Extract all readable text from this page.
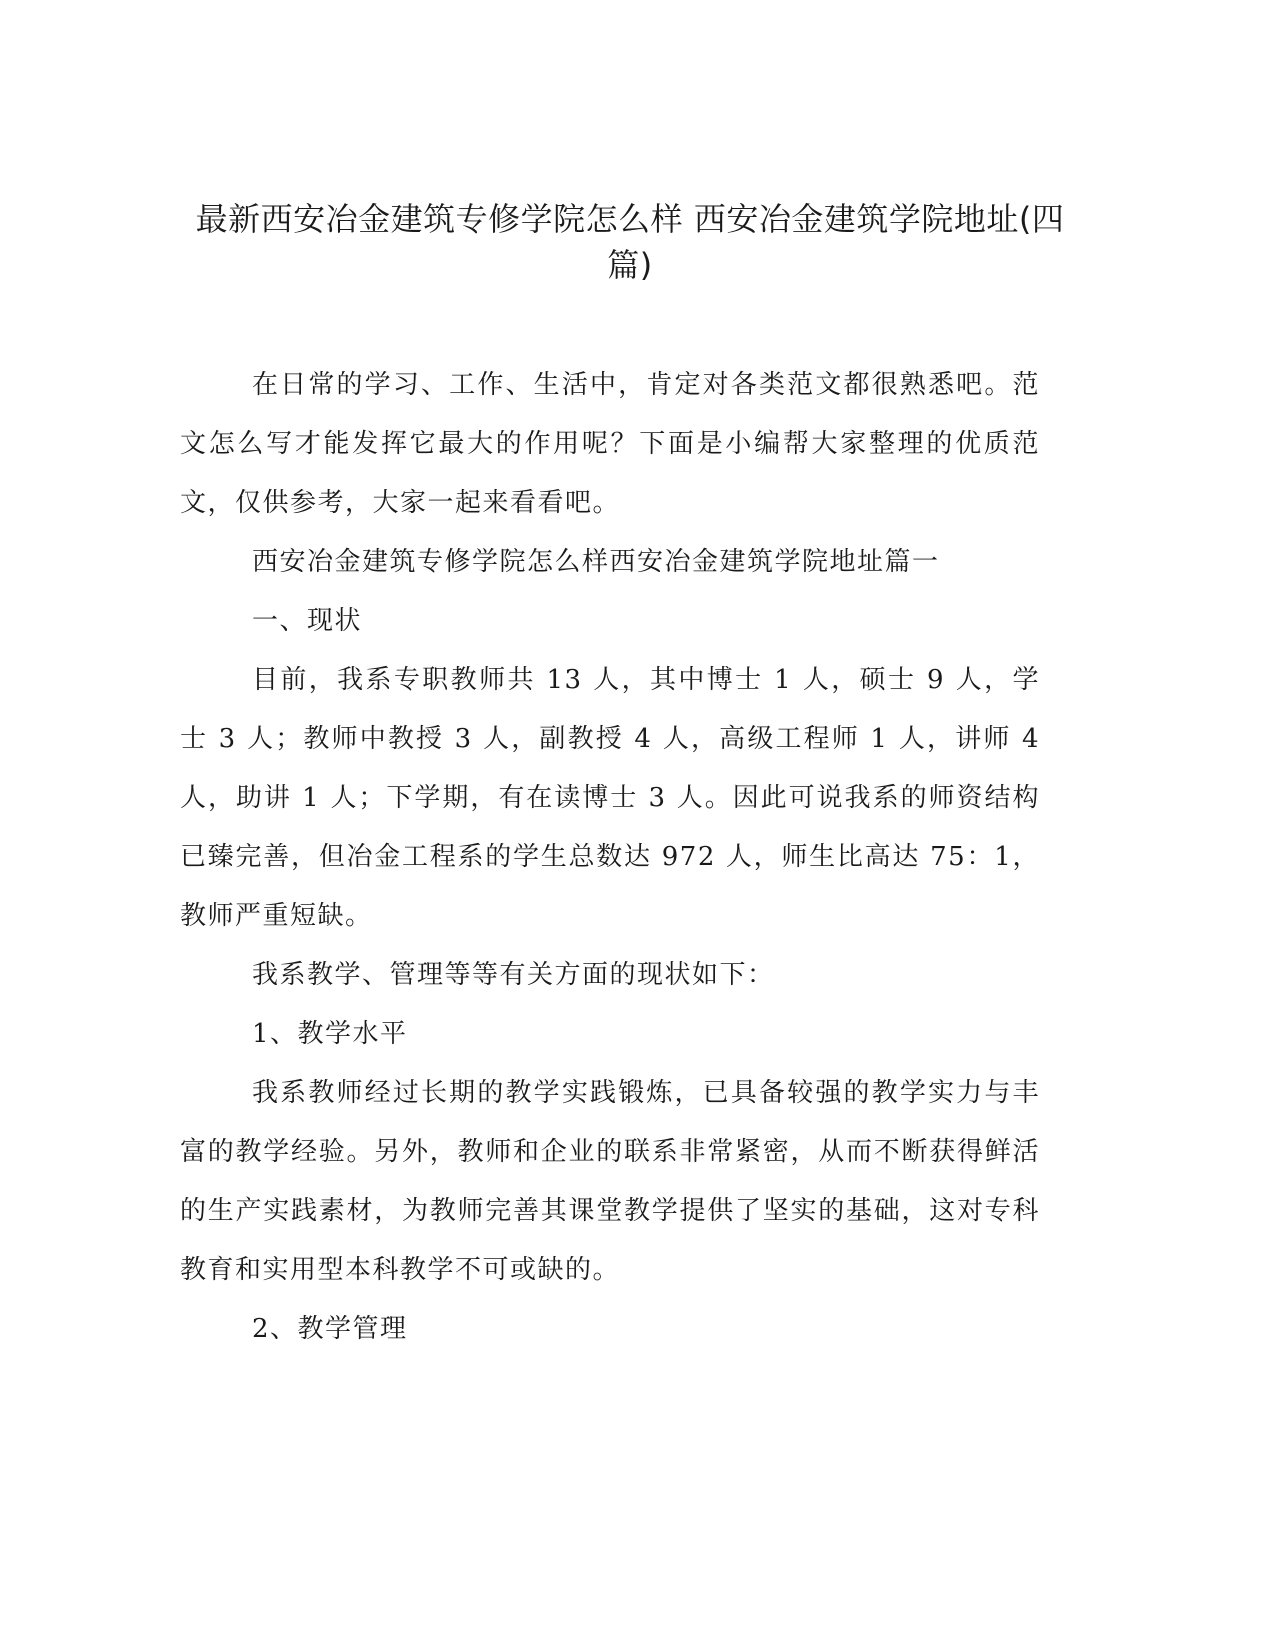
最新西安冶金建筑专修学院怎么样 西安冶金建筑学院地址(四篇)

在日常的学习、工作、生活中，肯定对各类范文都很熟悉吧。范文怎么写才能发挥它最大的作用呢？下面是小编帮大家整理的优质范文，仅供参考，大家一起来看看吧。

西安冶金建筑专修学院怎么样西安冶金建筑学院地址篇一

一、现状

目前，我系专职教师共 13 人，其中博士 1 人，硕士 9 人，学士 3 人；教师中教授 3 人，副教授 4 人，高级工程师 1 人，讲师 4 人，助讲 1 人；下学期，有在读博士 3 人。因此可说我系的师资结构已臻完善，但冶金工程系的学生总数达 972 人，师生比高达 75：1，教师严重短缺。

我系教学、管理等等有关方面的现状如下：

1、教学水平

我系教师经过长期的教学实践锻炼，已具备较强的教学实力与丰富的教学经验。另外，教师和企业的联系非常紧密，从而不断获得鲜活的生产实践素材，为教师完善其课堂教学提供了坚实的基础，这对专科教育和实用型本科教学不可或缺的。

2、教学管理
